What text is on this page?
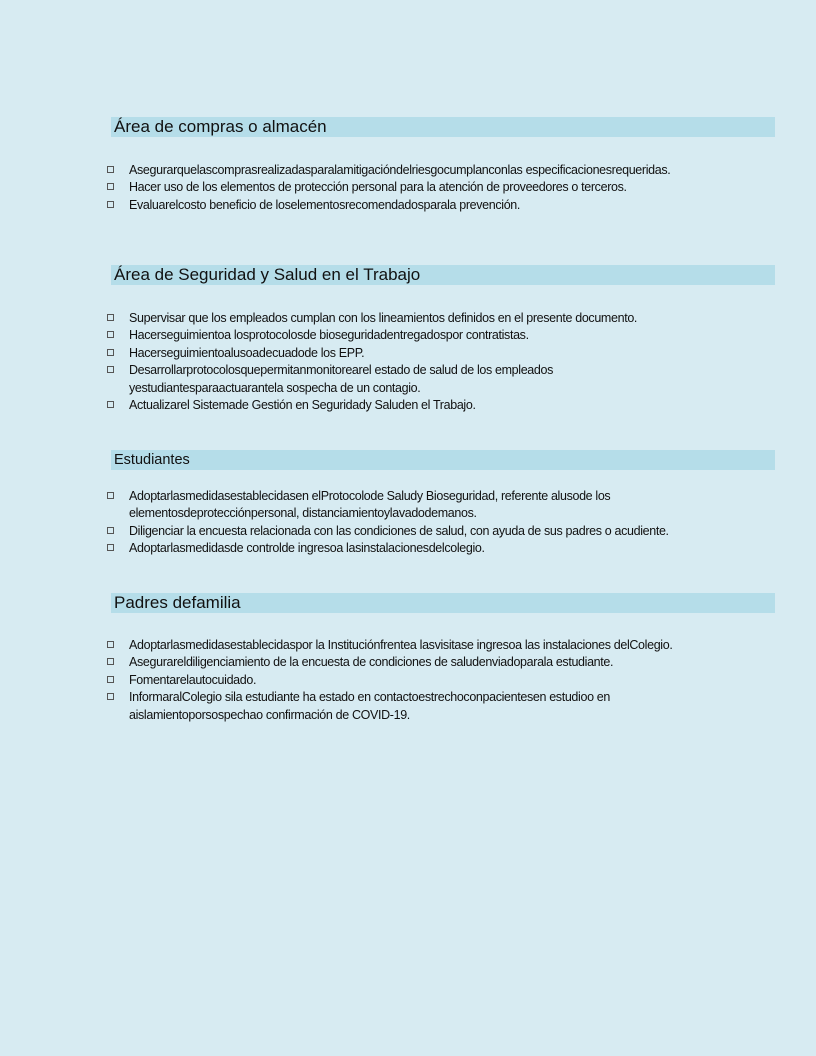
Área de compras o almacén
Asegurarquelascomprasrealizadasparalamitigacióndelriesgocumplanconlas especificacionesrequeridas.
Hacer uso de los elementos de protección personal para la atención de proveedores o terceros.
Evaluarelcosto beneficio de loselementosrecomendadosparala prevención.
Área de Seguridad y Salud en el Trabajo
Supervisar que los empleados cumplan con los lineamientos definidos en el presente documento.
Hacerseguimientoa losprotocolosde bioseguridadentregadospor contratistas.
Hacerseguimientoalusoadecuadode los EPP.
Desarrollarprotocolosquepermitanmonitorearel estado de salud de los empleados yestudiantesparaactuarantela sospecha de un contagio.
Actualizarel Sistemade Gestión en Seguridady Saluden el Trabajo.
Estudiantes
Adoptarlasmedidasestablecidasen elProtocolode Saludy Bioseguridad, referente alusode los elementosdeprotecciónpersonal, distanciamientoylavadodemanos.
Diligenciar la encuesta relacionada con las condiciones de salud, con ayuda de sus padres o acudiente.
Adoptarlasmedidasde controlde ingresoa lasinstalacionesdelcolegio.
Padres defamilia
Adoptarlasmedidasestablecidaspor la Instituciónfrentea lasvisitase ingresoa las instalaciones delColegio.
Asegurareldiligenciamiento de la encuesta de condiciones de saludenviadoparala estudiante.
Fomentarelautocuidado.
InformaralColegio sila estudiante ha estado en contactoestrechoconpacientesen estudioo en aislamientoporsospechao confirmación de COVID-19.
